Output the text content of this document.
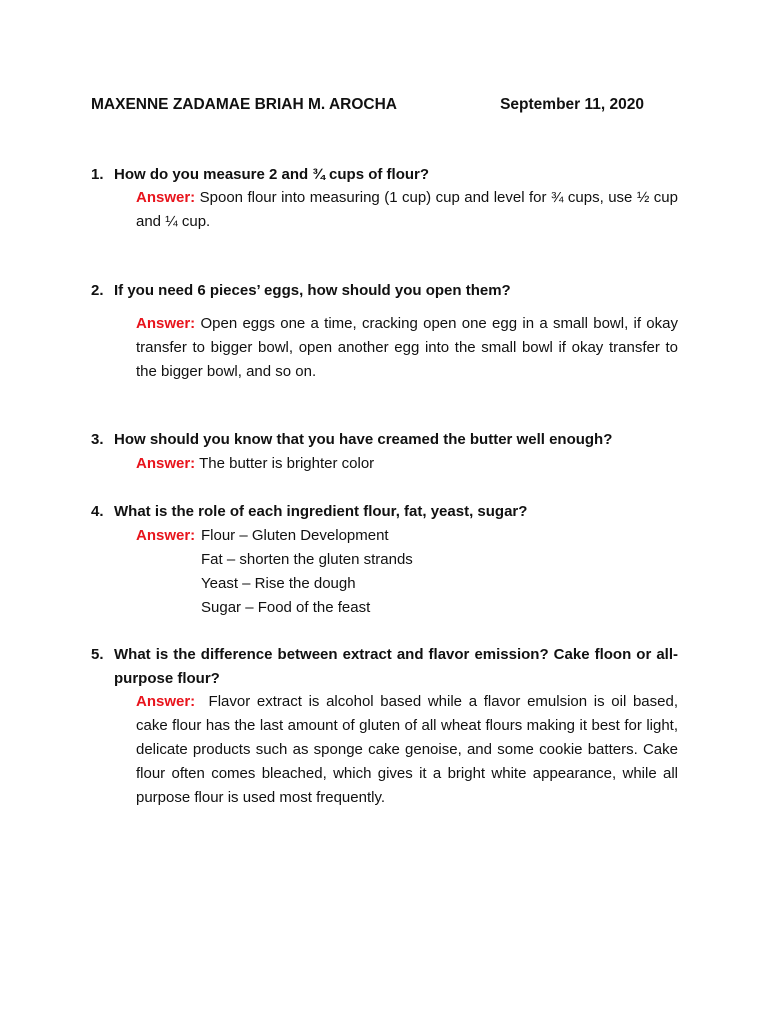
MAXENNE ZADAMAE BRIAH M. AROCHA	September 11, 2020
1. How do you measure 2 and ¾ cups of flour?
Answer: Spoon flour into measuring (1 cup) cup and level for ¾ cups, use ½ cup and ¼ cup.
2. If you need 6 pieces’ eggs, how should you open them?
Answer: Open eggs one a time, cracking open one egg in a small bowl, if okay transfer to bigger bowl, open another egg into the small bowl if okay transfer to the bigger bowl, and so on.
3. How should you know that you have creamed the butter well enough?
Answer: The butter is brighter color
4. What is the role of each ingredient flour, fat, yeast, sugar?
Answer: Flour – Gluten Development
Fat – shorten the gluten strands
Yeast – Rise the dough
Sugar – Food of the feast
5. What is the difference between extract and flavor emission? Cake floon or all-purpose flour?
Answer: Flavor extract is alcohol based while a flavor emulsion is oil based, cake flour has the last amount of gluten of all wheat flours making it best for light, delicate products such as sponge cake genoise, and some cookie batters. Cake flour often comes bleached, which gives it a bright white appearance, while all purpose flour is used most frequently.
